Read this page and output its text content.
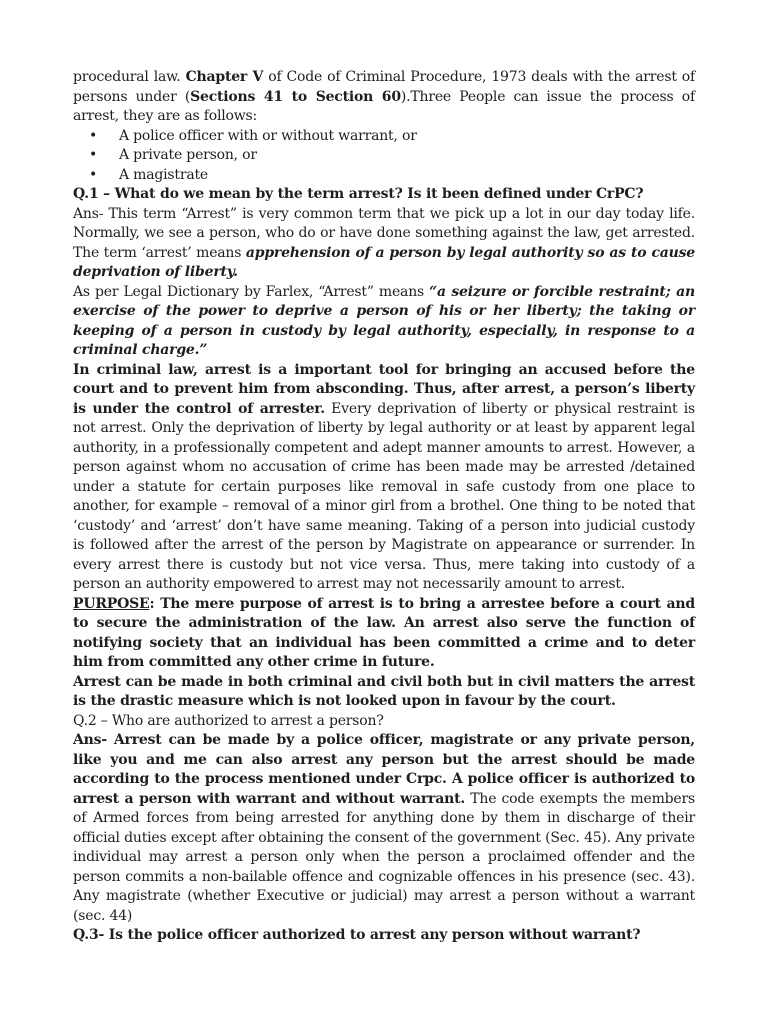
procedural law. Chapter V of Code of Criminal Procedure, 1973 deals with the arrest of persons under (Sections 41 to Section 60).Three People can issue the process of arrest, they are as follows:

• A police officer with or without warrant, or
• A private person, or
• A magistrate

Q.1 – What do we mean by the term arrest? Is it been defined under CrPC?

Ans- This term “Arrest” is very common term that we pick up a lot in our day today life. Normally, we see a person, who do or have done something against the law, get arrested. The term ‘arrest’ means apprehension of a person by legal authority so as to cause deprivation of liberty.

As per Legal Dictionary by Farlex, “Arrest” means “a seizure or forcible restraint; an exercise of the power to deprive a person of his or her liberty; the taking or keeping of a person in custody by legal authority, especially, in response to a criminal charge.”

In criminal law, arrest is a important tool for bringing an accused before the court and to prevent him from absconding. Thus, after arrest, a person’s liberty is under the control of arrester. Every deprivation of liberty or physical restraint is not arrest. Only the deprivation of liberty by legal authority or at least by apparent legal authority, in a professionally competent and adept manner amounts to arrest. However, a person against whom no accusation of crime has been made may be arrested /detained under a statute for certain purposes like removal in safe custody from one place to another, for example – removal of a minor girl from a brothel. One thing to be noted that ‘custody’ and ‘arrest’ don’t have same meaning. Taking of a person into judicial custody is followed after the arrest of the person by Magistrate on appearance or surrender. In every arrest there is custody but not vice versa. Thus, mere taking into custody of a person an authority empowered to arrest may not necessarily amount to arrest.

PURPOSE: The mere purpose of arrest is to bring a arrestee before a court and to secure the administration of the law. An arrest also serve the function of notifying society that an individual has been committed a crime and to deter him from committed any other crime in future.

Arrest can be made in both criminal and civil both but in civil matters the arrest is the drastic measure which is not looked upon in favour by the court.

Q.2 – Who are authorized to arrest a person?

Ans- Arrest can be made by a police officer, magistrate or any private person, like you and me can also arrest any person but the arrest should be made according to the process mentioned under Crpc. A police officer is authorized to arrest a person with warrant and without warrant. The code exempts the members of Armed forces from being arrested for anything done by them in discharge of their official duties except after obtaining the consent of the government (Sec. 45). Any private individual may arrest a person only when the person a proclaimed offender and the person commits a non-bailable offence and cognizable offences in his presence (sec. 43). Any magistrate (whether Executive or judicial) may arrest a person without a warrant (sec. 44)

Q.3- Is the police officer authorized to arrest any person without warrant?
